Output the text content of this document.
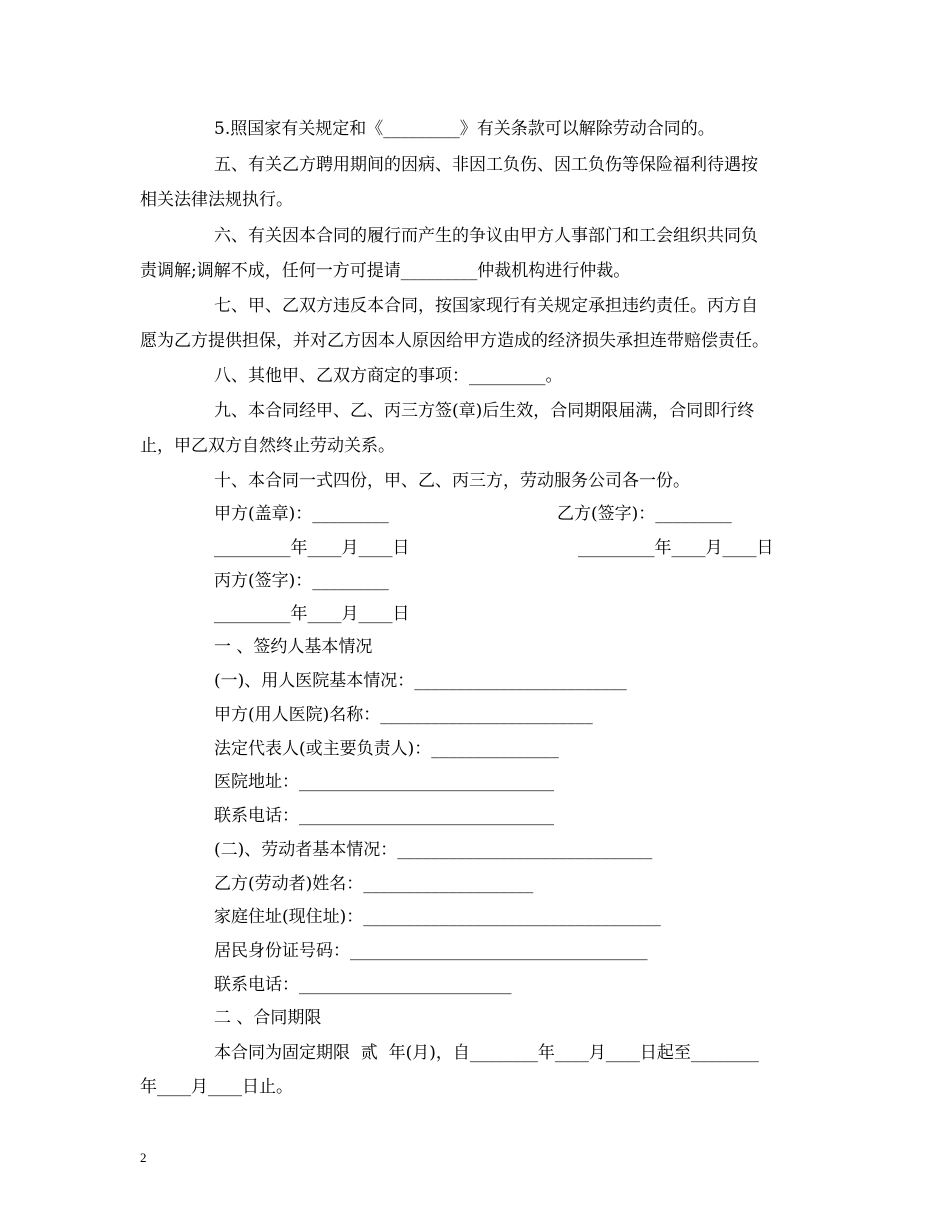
5.照国家有关规定和《_________》有关条款可以解除劳动合同的。
五、有关乙方聘用期间的因病、非因工负伤、因工负伤等保险福利待遇按
相关法律法规执行。
六、有关因本合同的履行而产生的争议由甲方人事部门和工会组织共同负
责调解;调解不成，任何一方可提请_________仲裁机构进行仲裁。
七、甲、乙双方违反本合同，按国家现行有关规定承担违约责任。丙方自
愿为乙方提供担保，并对乙方因本人原因给甲方造成的经济损失承担连带赔偿责任。
八、其他甲、乙双方商定的事项：_________。
九、本合同经甲、乙、丙三方签(章)后生效，合同期限届满，合同即行终
止，甲乙双方自然终止劳动关系。
十、本合同一式四份，甲、乙、丙三方，劳动服务公司各一份。
甲方(盖章)：_________	乙方(签字)：_________
_________年____月____日	_________年____月____日
丙方(签字)：_________
_________年____月____日
一 、签约人基本情况
(一)、用人医院基本情况：_________________________
甲方(用人医院)名称：_________________________
法定代表人(或主要负责人)：_______________
医院地址：______________________________
联系电话：______________________________
(二)、劳动者基本情况：______________________________
乙方(劳动者)姓名：____________________
家庭住址(现住址)：___________________________________
居民身份证号码：___________________________________
联系电话：_________________________
二 、合同期限
本合同为固定期限  贰  年(月)，自________年____月____日起至________
年____月____日止。
2
